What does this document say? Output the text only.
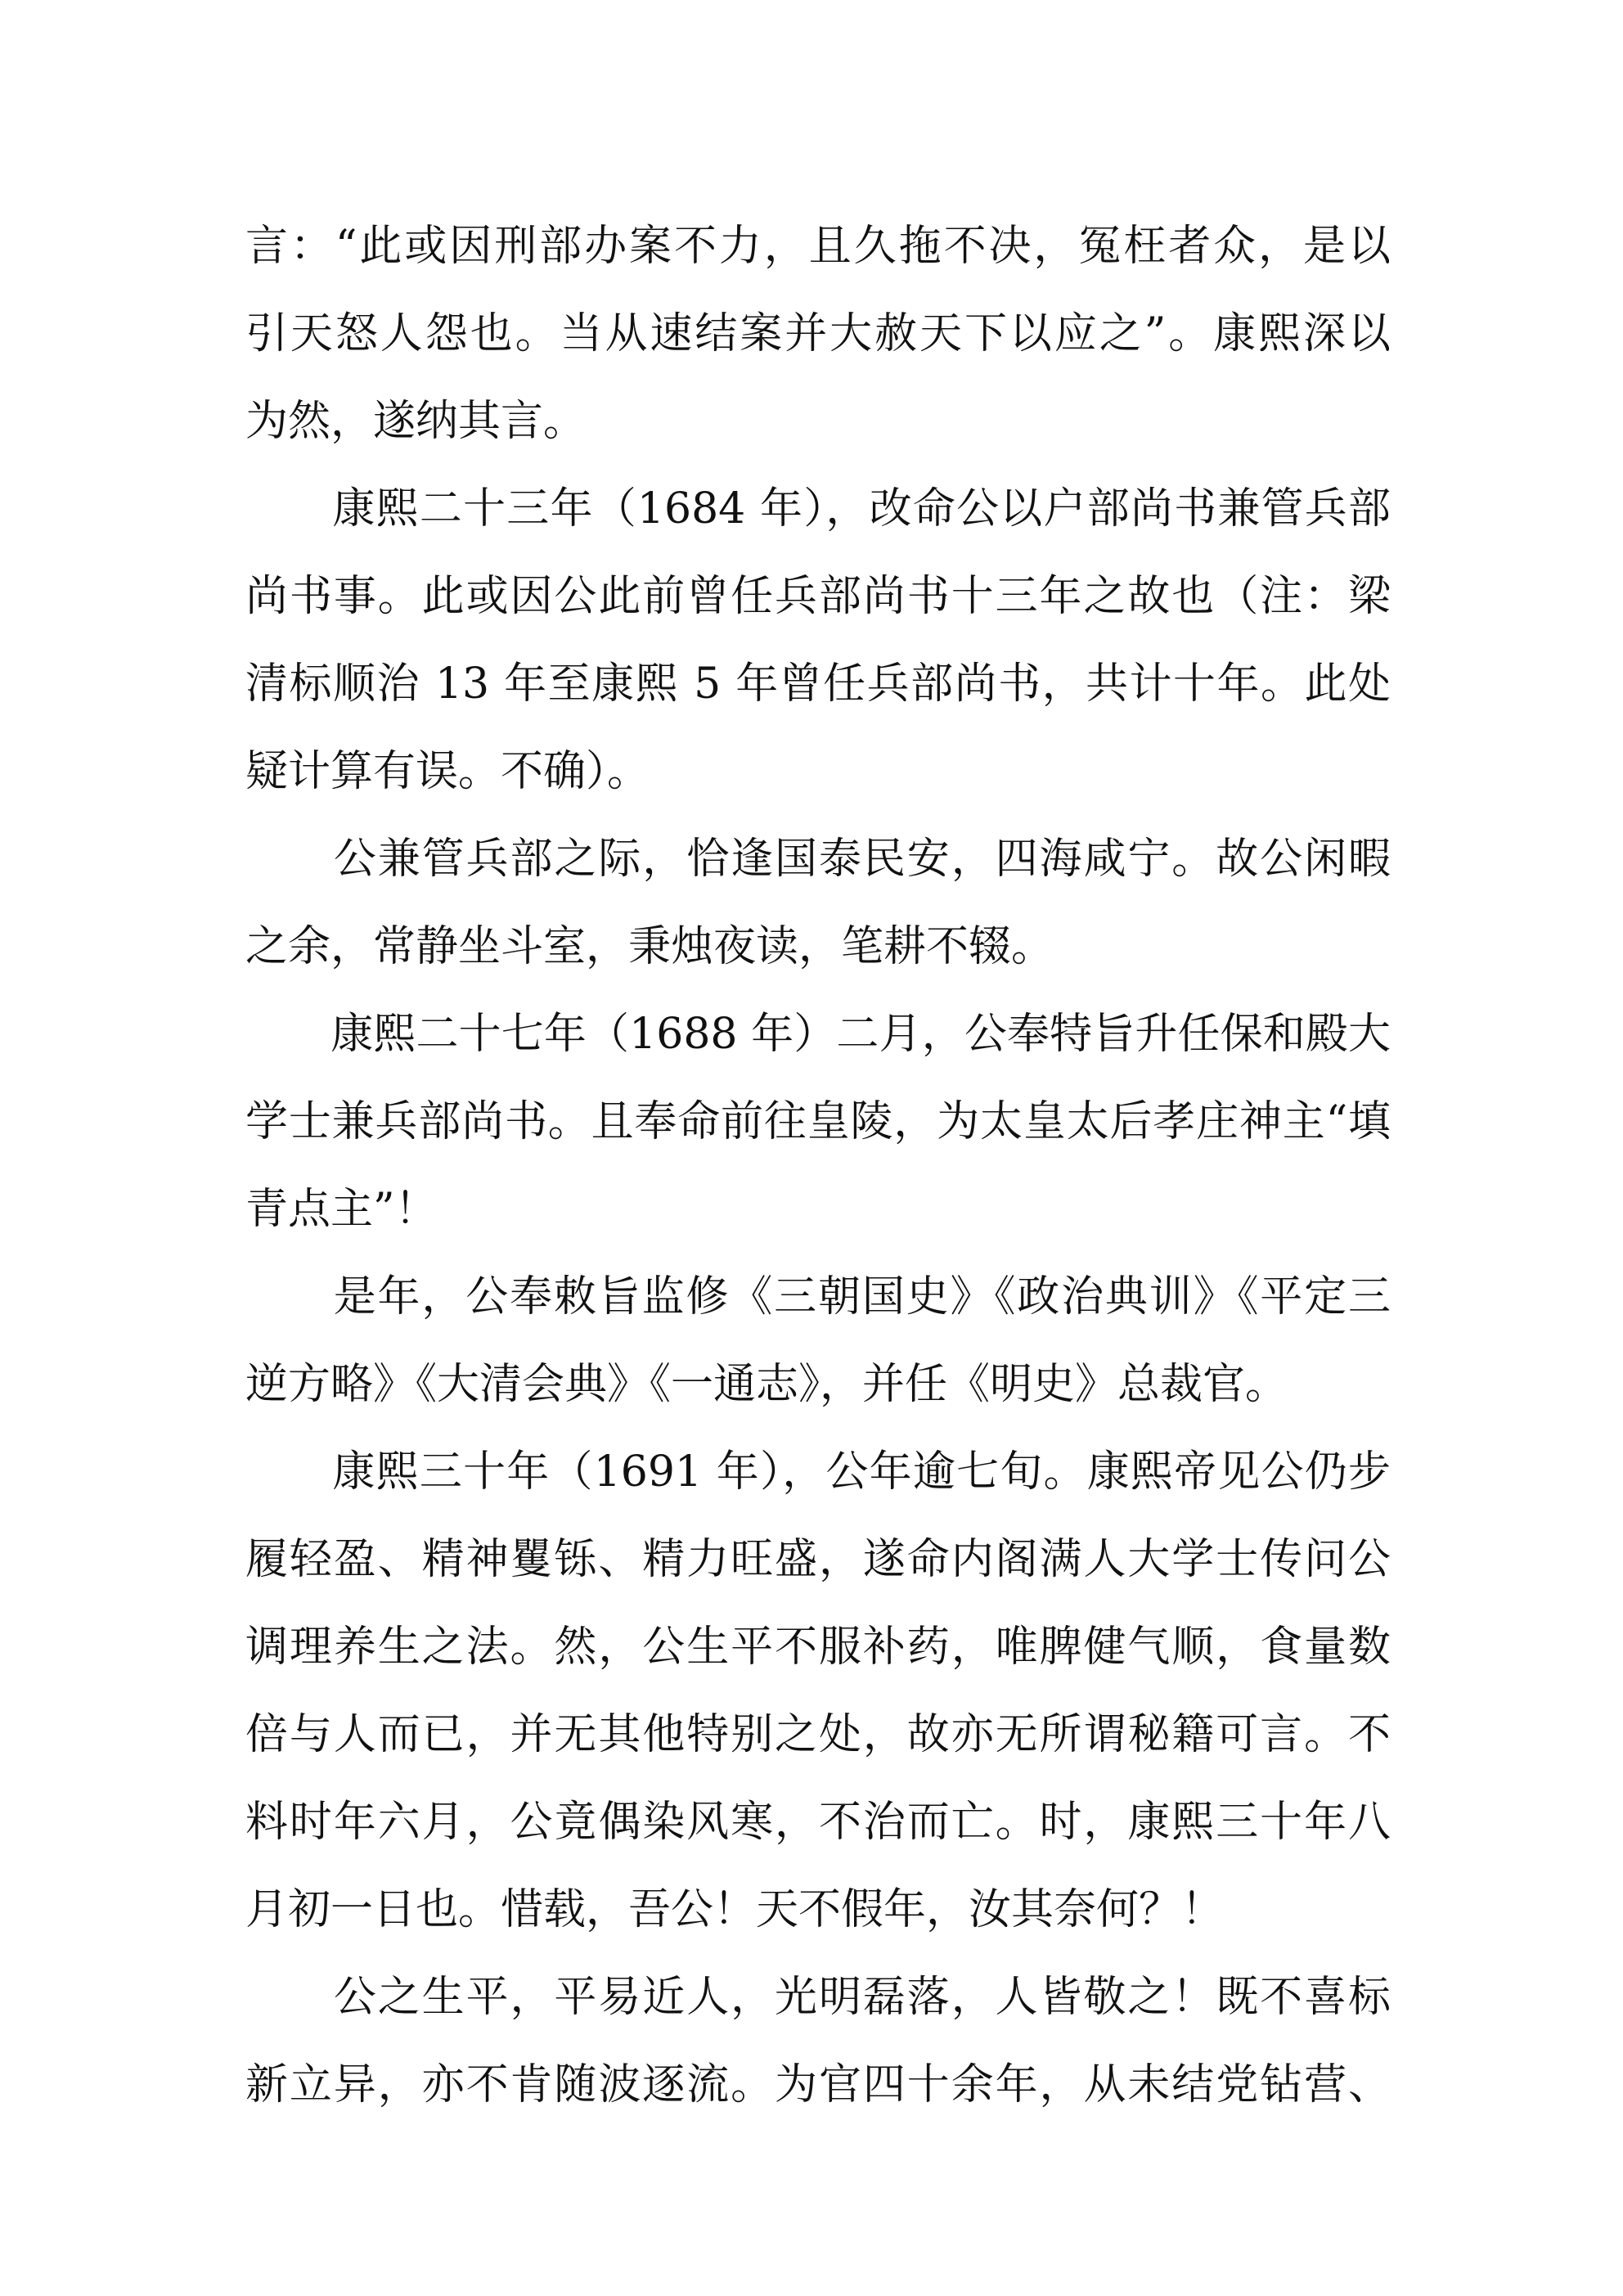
言：“此或因刑部办案不力，且久拖不决，冤枉者众，是以
引天怒人怨也。当从速结案并大赦天下以应之”。康熙深以
为然，遂纳其言。
　　康熙二十三年（1684 年），改命公以户部尚书兼管兵部
尚书事。此或因公此前曾任兵部尚书十三年之故也（注：梁
清标顺治 13 年至康熙 5 年曾任兵部尚书，共计十年。此处
疑计算有误。不确）。
　　公兼管兵部之际，恰逢国泰民安，四海咸宁。故公闲暇
之余，常静坐斗室，秉烛夜读，笔耕不辍。
　　康熙二十七年（1688 年）二月，公奉特旨升任保和殿大
学士兼兵部尚书。且奉命前往皇陵，为太皇太后孝庄神主“填
青点主”！
　　是年，公奉敕旨监修《三朝国史》《政治典训》《平定三
逆方略》《大清会典》《一通志》，并任《明史》总裁官。
　　康熙三十年（1691 年），公年逾七旬。康熙帝见公仍步
履轻盈、精神矍铄、精力旺盛，遂命内阁满人大学士传问公
调理养生之法。然，公生平不服补药，唯脾健气顺，食量数
倍与人而已，并无其他特别之处，故亦无所谓秘籍可言。不
料时年六月，公竟偶染风寒，不治而亡。时，康熙三十年八
月初一日也。惜载，吾公！天不假年，汝其奈何？！
　　公之生平，平易近人，光明磊落，人皆敬之！既不喜标
新立异，亦不肯随波逐流。为官四十余年，从未结党钻营、
